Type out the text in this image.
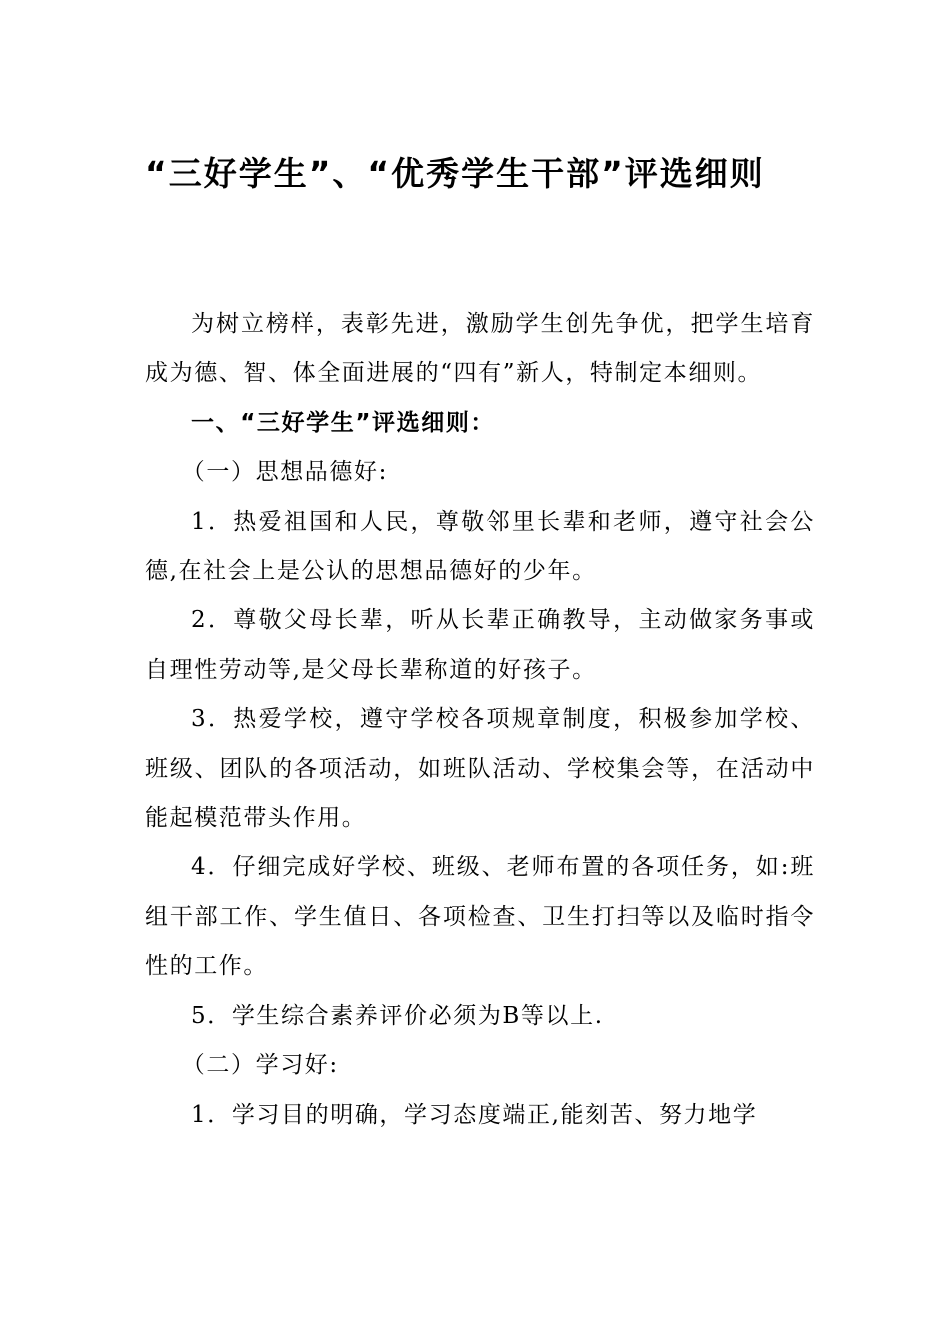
“三好学生”、“优秀学生干部”评选细则

为树立榜样，表彰先进，激励学生创先争优，把学生培育成为德、智、体全面进展的“四有”新人，特制定本细则。

一、“三好学生”评选细则：

（一）思想品德好:

1．热爱祖国和人民，尊敬邻里长辈和老师，遵守社会公德,在社会上是公认的思想品德好的少年。

2．尊敬父母长辈，听从长辈正确教导，主动做家务事或自理性劳动等,是父母长辈称道的好孩子。

3．热爱学校，遵守学校各项规章制度，积极参加学校、班级、团队的各项活动，如班队活动、学校集会等，在活动中能起模范带头作用。

4．仔细完成好学校、班级、老师布置的各项任务，如:班组干部工作、学生值日、各项检查、卫生打扫等以及临时指令性的工作。

5．学生综合素养评价必须为B等以上.

（二）学习好:

1．学习目的明确，学习态度端正,能刻苦、努力地学
